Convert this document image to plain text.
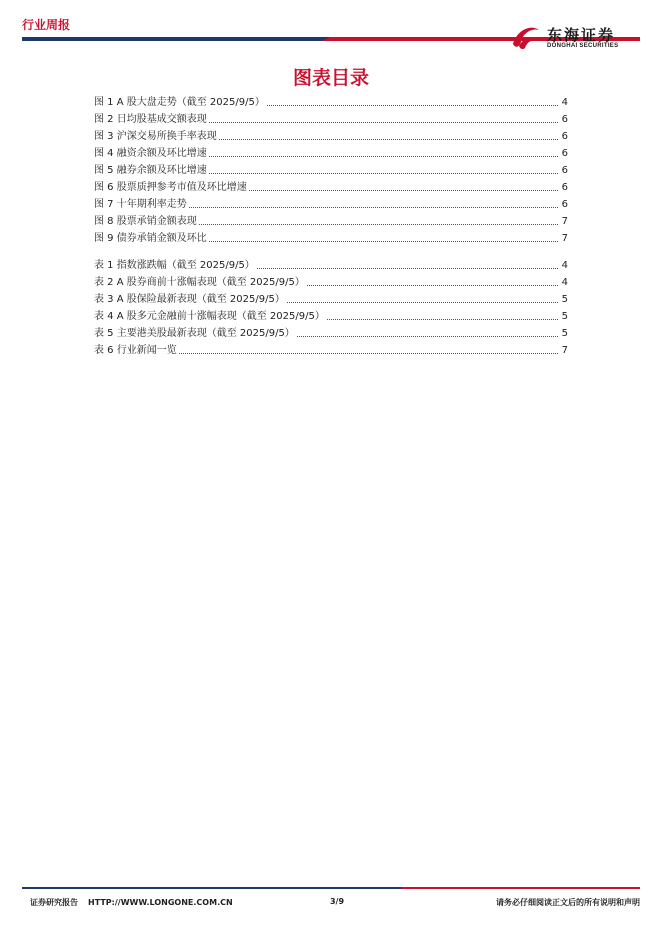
行业周报
东海证券
DONGHAI SECURITIES
图表目录
图 1 A 股大盘走势（截至 2025/9/5）	4
图 2 日均股基成交额表现	6
图 3 沪深交易所换手率表现	6
图 4 融资余额及环比增速	6
图 5 融券余额及环比增速	6
图 6 股票质押参考市值及环比增速	6
图 7 十年期利率走势	6
图 8 股票承销金额表现	7
图 9 债券承销金额及环比	7
表 1 指数涨跌幅（截至 2025/9/5）	4
表 2 A 股券商前十涨幅表现（截至 2025/9/5）	4
表 3 A 股保险最新表现（截至 2025/9/5）	5
表 4 A 股多元金融前十涨幅表现（截至 2025/9/5）	5
表 5 主要港美股最新表现（截至 2025/9/5）	5
表 6 行业新闻一览	7
证券研究报告 HTTP://WWW.LONGONE.COM.CN	3/9	请务必仔细阅读正文后的所有说明和声明
